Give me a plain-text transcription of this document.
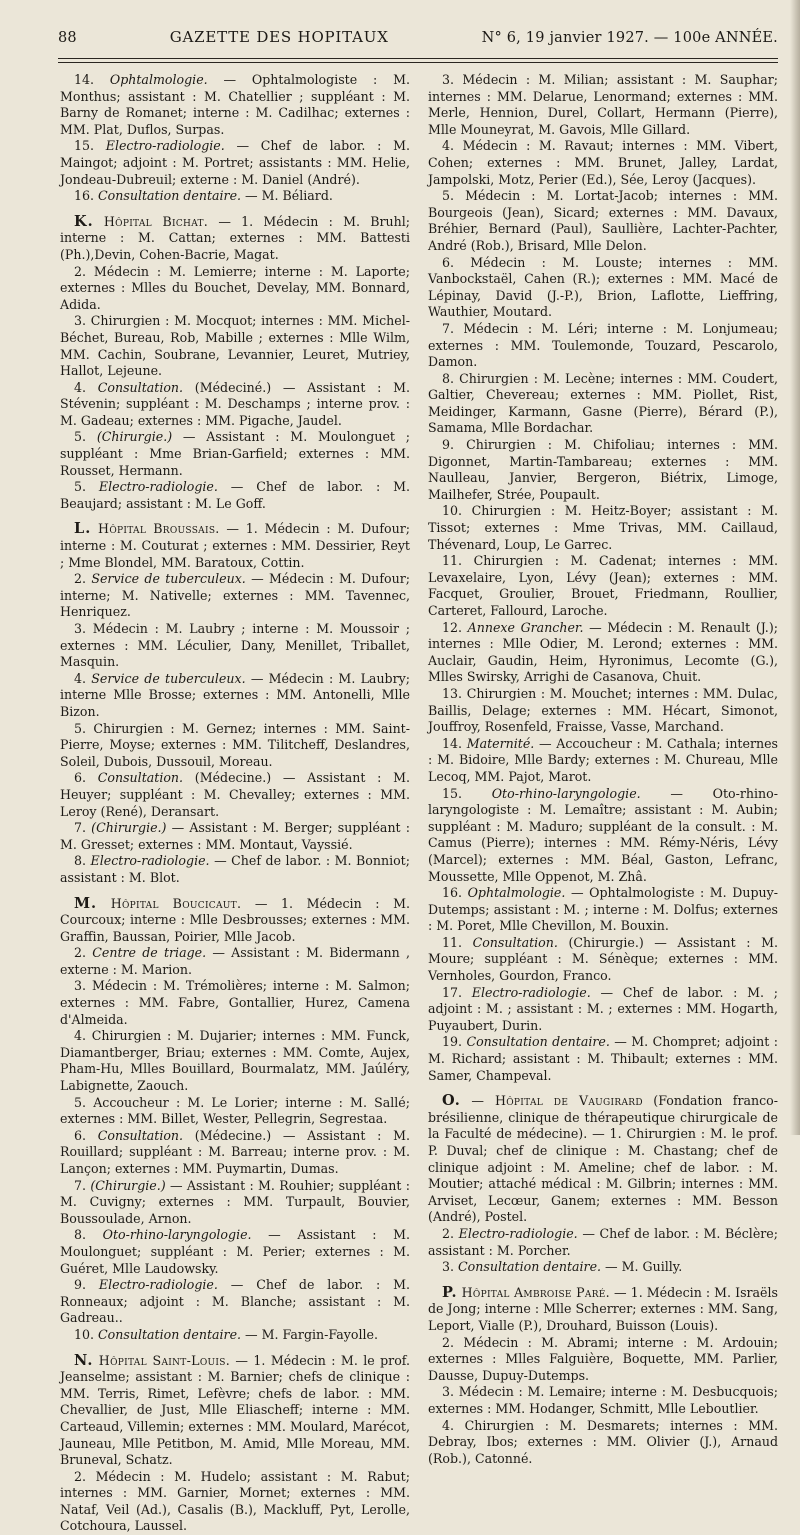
88	GAZETTE DES HOPITAUX	N° 6, 19 janvier 1927. — 100e ANNÉE.

14. Ophtalmologie. — Ophtalmologiste : M. Monthus; assistant : M. Chatellier ; suppléant : M. Barny de Romanet; interne : M. Cadilhac; externes : MM. Plat, Duflos, Surpas.

15. Electro-radiologie. — Chef de labor. : M. Maingot; adjoint : M. Portret; assistants : MM. Helie, Jondeau-Dubreuil; externe : M. Daniel (André).

16. Consultation dentaire. — M. Béliard.

K. Hôpital Bichat. — 1. Médecin : M. Bruhl; interne : M. Cattan; externes : MM. Battesti (Ph.),Devin, Cohen-Bacrie, Magat.

2. Médecin : M. Lemierre; interne : M. Laporte; externes : Mlles du Bouchet, Develay, MM. Bonnard, Adida.

3. Chirurgien : M. Mocquot; internes : MM. Michel-Béchet, Bureau, Rob, Mabille ; externes : Mlle Wilm, MM. Cachin, Soubrane, Levannier, Leuret, Mutriey, Hallot, Lejeune.

4. Consultation. (Médeciné.) — Assistant : M. Stévenin; suppléant : M. Deschamps ; interne prov. : M. Gadeau; externes : MM. Pigache, Jaudel.

5. (Chirurgie.) — Assistant : M. Moulonguet ; suppléant : Mme Brian-Garfield; externes : MM. Rousset, Hermann.

5. Electro-radiologie. — Chef de labor. : M. Beaujard; assistant : M. Le Goff.

L. Hôpital Broussais. — 1. Médecin : M. Dufour; interne : M. Couturat ; externes : MM. Dessirier, Reyt ; Mme Blondel, MM. Baratoux, Cottin.

2. Service de tuberculeux. — Médecin : M. Dufour; interne; M. Nativelle; externes : MM. Tavennec, Henriquez.

3. Médecin : M. Laubry ; interne : M. Moussoir ; externes : MM. Léculier, Dany, Menillet, Triballet, Masquin.

4. Service de tuberculeux. — Médecin : M. Laubry; interne Mlle Brosse; externes : MM. Antonelli, Mlle Bizon.

5. Chirurgien : M. Gernez; internes : MM. Saint-Pierre, Moyse; externes : MM. Tilitcheff, Deslandres, Soleil, Dubois, Dussouil, Moreau.

6. Consultation. (Médecine.) — Assistant : M. Heuyer; suppléant : M. Chevalley; externes : MM. Leroy (René), Deransart.

7. (Chirurgie.) — Assistant : M. Berger; suppléant : M. Gresset; externes : MM. Montaut, Vayssié.

8. Electro-radiologie. — Chef de labor. : M. Bonniot; assistant : M. Blot.

M. Hôpital Boucicaut. — 1. Médecin : M. Courcoux; interne : Mlle Desbrousses; externes : MM. Graffin, Baussan, Poirier, Mlle Jacob.

2. Centre de triage. — Assistant : M. Bidermann , externe : M. Marion.

3. Médecin : M. Trémolières; interne : M. Salmon; externes : MM. Fabre, Gontallier, Hurez, Camena d'Almeida.

4. Chirurgien : M. Dujarier; internes : MM. Funck, Diamantberger, Briau; externes : MM. Comte, Aujex, Pham-Hu, Mlles Bouillard, Bourmalatz, MM. Jaúléry, Labignette, Zaouch.

5. Accoucheur : M. Le Lorier; interne : M. Sallé; externes : MM. Billet, Wester, Pellegrin, Segrestaa.

6. Consultation. (Médecine.) — Assistant : M. Rouillard; suppléant : M. Barreau; interne prov. : M. Lançon; externes : MM. Puymartin, Dumas.

7. (Chirurgie.) — Assistant : M. Rouhier; suppléant : M. Cuvigny; externes : MM. Turpault, Bouvier, Boussoulade, Arnon.

8. Oto-rhino-laryngologie. — Assistant : M. Moulonguet; suppléant : M. Perier; externes : M. Guéret, Mlle Laudowsky.

9. Electro-radiologie. — Chef de labor. : M. Ronneaux; adjoint : M. Blanche; assistant : M. Gadreau..

10. Consultation dentaire. — M. Fargin-Fayolle.

N. Hôpital Saint-Louis. — 1. Médecin : M. le prof. Jeanselme; assistant : M. Barnier; chefs de clinique : MM. Terris, Rimet, Lefèvre; chefs de labor. : MM. Chevallier, de Just, Mlle Eliascheff; interne : MM. Carteaud, Villemin; externes : MM. Moulard, Marécot, Jauneau, Mlle Petitbon, M. Amid, Mlle Moreau, MM. Bruneval, Schatz.

2. Médecin : M. Hudelo; assistant : M. Rabut; internes : MM. Garnier, Mornet; externes : MM. Nataf, Veil (Ad.), Casalis (B.), Mackluff, Pyt, Lerolle, Cotchoura, Laussel.

3. Médecin : M. Milian; assistant : M. Sauphar; internes : MM. Delarue, Lenormand; externes : MM. Merle, Hennion, Durel, Collart, Hermann (Pierre), Mlle Mouneyrat, M. Gavois, Mlle Gillard.

4. Médecin : M. Ravaut; internes : MM. Vibert, Cohen; externes : MM. Brunet, Jalley, Lardat, Jampolski, Motz, Perier (Ed.), Sée, Leroy (Jacques).

5. Médecin : M. Lortat-Jacob; internes : MM. Bourgeois (Jean), Sicard; externes : MM. Davaux, Bréhier, Bernard (Paul), Saullière, Lachter-Pachter, André (Rob.), Brisard, Mlle Delon.

6. Médecin : M. Louste; internes : MM. Vanbockstaël, Cahen (R.); externes : MM. Macé de Lépinay, David (J.-P.), Brion, Laflotte, Lieffring, Wauthier, Moutard.

7. Médecin : M. Léri; interne : M. Lonjumeau; externes : MM. Toulemonde, Touzard, Pescarolo, Damon.

8. Chirurgien : M. Lecène; internes : MM. Coudert, Galtier, Chevereau; externes : MM. Piollet, Rist, Meidinger, Karmann, Gasne (Pierre), Bérard (P.), Samama, Mlle Bordachar.

9. Chirurgien : M. Chifoliau; internes : MM. Digonnet, Martin-Tambareau; externes : MM. Naulleau, Janvier, Bergeron, Biétrix, Limoge, Mailhefer, Strée, Poupault.

10. Chirurgien : M. Heitz-Boyer; assistant : M. Tissot; externes : Mme Trivas, MM. Caillaud, Thévenard, Loup, Le Garrec.

11. Chirurgien : M. Cadenat; internes : MM. Levaxelaire, Lyon, Lévy (Jean); externes : MM. Facquet, Groulier, Brouet, Friedmann, Roullier, Carteret, Fallourd, Laroche.

12. Annexe Grancher. — Médecin : M. Renault (J.); internes : Mlle Odier, M. Lerond; externes : MM. Auclair, Gaudin, Heim, Hyronimus, Lecomte (G.), Mlles Swirsky, Arrighi de Casanova, Chuit.

13. Chirurgien : M. Mouchet; internes : MM. Dulac, Baillis, Delage; externes : MM. Hécart, Simonot, Jouffroy, Rosenfeld, Fraisse, Vasse, Marchand.

14. Maternité. — Accoucheur : M. Cathala; internes : M. Bidoire, Mlle Bardy; externes : M. Chureau, Mlle Lecoq, MM. Pajot, Marot.

15. Oto-rhino-laryngologie. — Oto-rhino-laryngologiste : M. Lemaître; assistant : M. Aubin; suppléant : M. Maduro; suppléant de la consult. : M. Camus (Pierre); internes : MM. Rémy-Néris, Lévy (Marcel); externes : MM. Béal, Gaston, Lefranc, Moussette, Mlle Oppenot, M. Zhâ.

16. Ophtalmologie. — Ophtalmologiste : M. Dupuy-Dutemps; assistant : M. ; interne : M. Dolfus; externes : M. Poret, Mlle Chevillon, M. Bouxin.

11. Consultation. (Chirurgie.) — Assistant : M. Moure; suppléant : M. Sénèque; externes : MM. Vernholes, Gourdon, Franco.

17. Electro-radiologie. — Chef de labor. : M. ; adjoint : M. ; assistant : M. ; externes : MM. Hogarth, Puyaubert, Durin.

19. Consultation dentaire. — M. Chompret; adjoint : M. Richard; assistant : M. Thibault; externes : MM. Samer, Champeval.

O. — Hôpital de Vaugirard (Fondation franco-brésilienne, clinique de thérapeutique chirurgicale de la Faculté de médecine). — 1. Chirurgien : M. le prof. P. Duval; chef de clinique : M. Chastang; chef de clinique adjoint : M. Ameline; chef de labor. : M. Moutier; attaché médical : M. Gilbrin; internes : MM. Arviset, Lecœur, Ganem; externes : MM. Besson (André), Postel.

2. Electro-radiologie. — Chef de labor. : M. Béclère; assistant : M. Porcher.

3. Consultation dentaire. — M. Guilly.

P. Hôpital Ambroise Paré. — 1. Médecin : M. Israëls de Jong; interne : Mlle Scherrer; externes : MM. Sang, Leport, Vialle (P.), Drouhard, Buisson (Louis).

2. Médecin : M. Abrami; interne : M. Ardouin; externes : Mlles Falguière, Boquette, MM. Parlier, Dausse, Dupuy-Dutemps.

3. Médecin : M. Lemaire; interne : M. Desbucquois; externes : MM. Hodanger, Schmitt, Mlle Leboutlier.

4. Chirurgien : M. Desmarets; internes : MM. Debray, Ibos; externes : MM. Olivier (J.), Arnaud (Rob.), Catonné.
